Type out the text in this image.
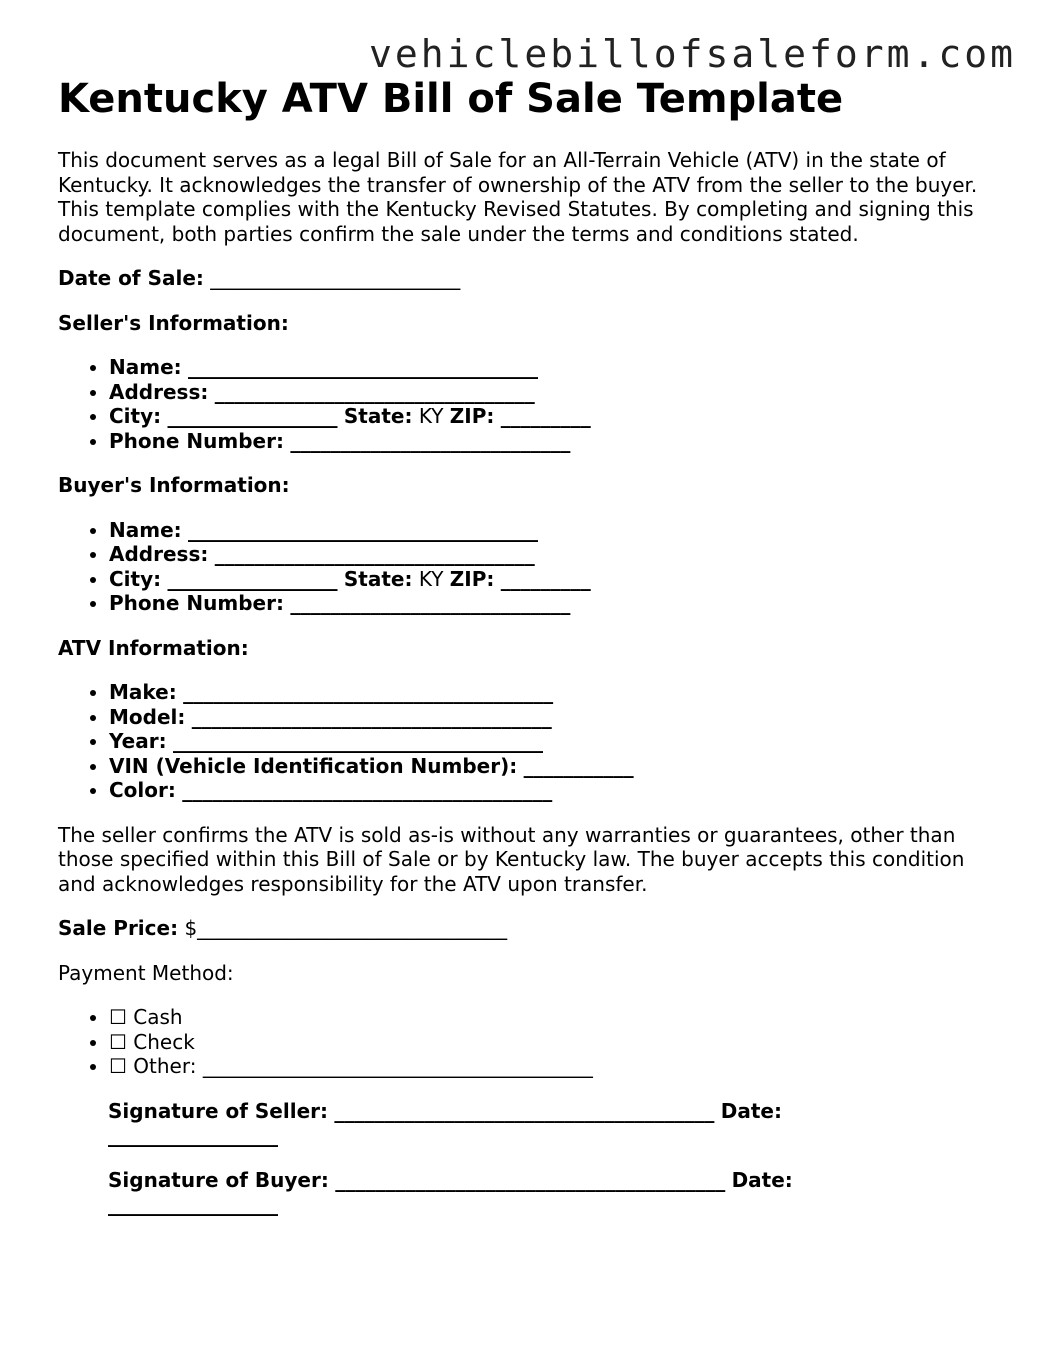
vehiclebillofsaleform.com
Kentucky ATV Bill of Sale Template

This document serves as a legal Bill of Sale for an All-Terrain Vehicle (ATV) in the state of Kentucky. It acknowledges the transfer of ownership of the ATV from the seller to the buyer. This template complies with the Kentucky Revised Statutes. By completing and signing this document, both parties confirm the sale under the terms and conditions stated.

Date of Sale: _________________________

Seller's Information:
• Name: ___________________________________
• Address: ________________________________
• City: _________________ State: KY ZIP: _________
• Phone Number: ____________________________
Buyer's Information:
• Name: ___________________________________
• Address: ________________________________
• City: _________________ State: KY ZIP: _________
• Phone Number: ____________________________
ATV Information:
• Make: _____________________________________
• Model: ____________________________________
• Year: _____________________________________
• VIN (Vehicle Identification Number): ___________
• Color: _____________________________________

The seller confirms the ATV is sold as-is without any warranties or guarantees, other than those specified within this Bill of Sale or by Kentucky law. The buyer accepts this condition and acknowledges responsibility for the ATV upon transfer.

Sale Price: $_______________________________

Payment Method:

• ☐ Cash
• ☐ Check
• ☐ Other: _______________________________________
Signature of Seller: ______________________________________ Date: _________________
Signature of Buyer: _______________________________________ Date: _________________
